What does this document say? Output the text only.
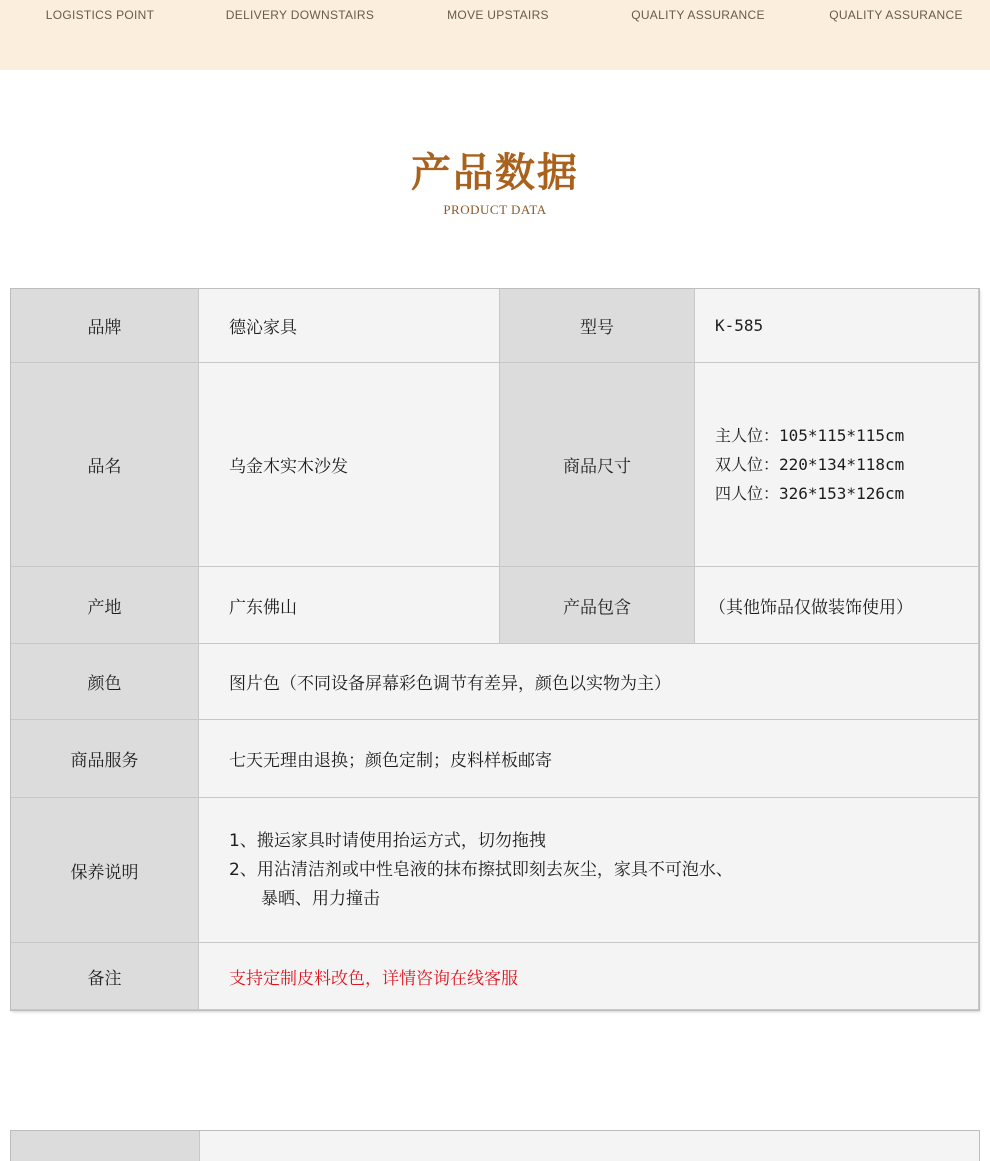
LOGISTICS POINT	DELIVERY DOWNSTAIRS	MOVE UPSTAIRS	QUALITY ASSURANCE	QUALITY ASSURANCE
产品数据
PRODUCT DATA
品牌	德沁家具	型号	K-585
品名	乌金木实木沙发	商品尺寸
主人位：105*115*115cm
双人位：220*134*118cm
四人位：326*153*126cm
产地	广东佛山	产品包含	（其他饰品仅做装饰使用）
颜色	图片色（不同设备屏幕彩色调节有差异，颜色以实物为主）
商品服务	七天无理由退换；颜色定制；皮料样板邮寄
保养说明
1、搬运家具时请使用抬运方式，切勿拖拽
2、用沾清洁剂或中性皂液的抹布擦拭即刻去灰尘，家具不可泡水、
暴晒、用力撞击
备注	支持定制皮料改色，详情咨询在线客服
